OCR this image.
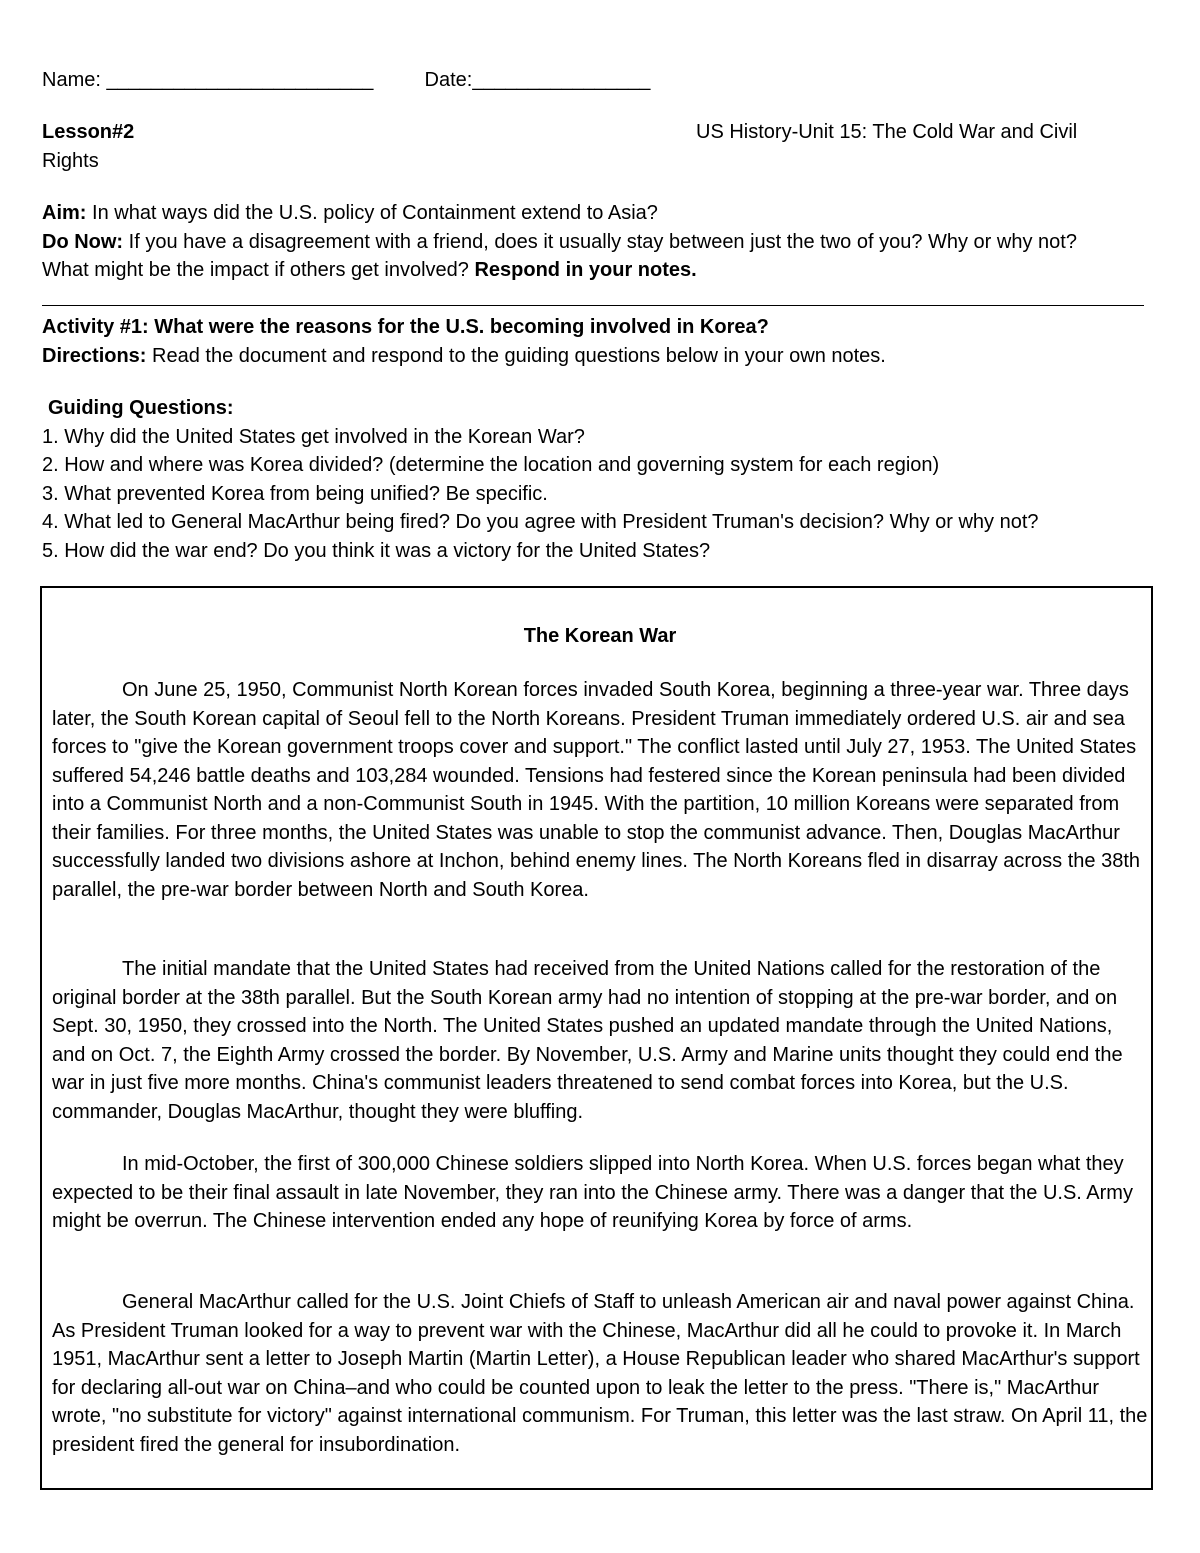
Name: ________________________	Date:________________
Lesson#2	US History-Unit 15: The Cold War and Civil
Rights
Aim: In what ways did the U.S. policy of Containment extend to Asia?
Do Now: If you have a disagreement with a friend, does it usually stay between just the two of you? Why or why not?
What might be the impact if others get involved? Respond in your notes.
Activity #1: What were the reasons for the U.S. becoming involved in Korea?
Directions: Read the document and respond to the guiding questions below in your own notes.
Guiding Questions:
1. Why did the United States get involved in the Korean War?
2. How and where was Korea divided? (determine the location and governing system for each region)
3. What prevented Korea from being unified? Be specific.
4. What led to General MacArthur being fired? Do you agree with President Truman's decision? Why or why not?
5. How did the war end? Do you think it was a victory for the United States?
The Korean War
On June 25, 1950, Communist North Korean forces invaded South Korea, beginning a three-year war. Three days later, the South Korean capital of Seoul fell to the North Koreans. President Truman immediately ordered U.S. air and sea forces to "give the Korean government troops cover and support." The conflict lasted until July 27, 1953. The United States suffered 54,246 battle deaths and 103,284 wounded. Tensions had festered since the Korean peninsula had been divided into a Communist North and a non-Communist South in 1945. With the partition, 10 million Koreans were separated from their families. For three months, the United States was unable to stop the communist advance. Then, Douglas MacArthur successfully landed two divisions ashore at Inchon, behind enemy lines. The North Koreans fled in disarray across the 38th parallel, the pre-war border between North and South Korea.
The initial mandate that the United States had received from the United Nations called for the restoration of the original border at the 38th parallel. But the South Korean army had no intention of stopping at the pre-war border, and on Sept. 30, 1950, they crossed into the North. The United States pushed an updated mandate through the United Nations, and on Oct. 7, the Eighth Army crossed the border. By November, U.S. Army and Marine units thought they could end the war in just five more months. China's communist leaders threatened to send combat forces into Korea, but the U.S. commander, Douglas MacArthur, thought they were bluffing.
In mid-October, the first of 300,000 Chinese soldiers slipped into North Korea. When U.S. forces began what they expected to be their final assault in late November, they ran into the Chinese army. There was a danger that the U.S. Army might be overrun. The Chinese intervention ended any hope of reunifying Korea by force of arms.
General MacArthur called for the U.S. Joint Chiefs of Staff to unleash American air and naval power against China. As President Truman looked for a way to prevent war with the Chinese, MacArthur did all he could to provoke it. In March 1951, MacArthur sent a letter to Joseph Martin (Martin Letter), a House Republican leader who shared MacArthur's support for declaring all-out war on China–and who could be counted upon to leak the letter to the press. "There is," MacArthur wrote, "no substitute for victory" against international communism. For Truman, this letter was the last straw. On April 11, the president fired the general for insubordination.
